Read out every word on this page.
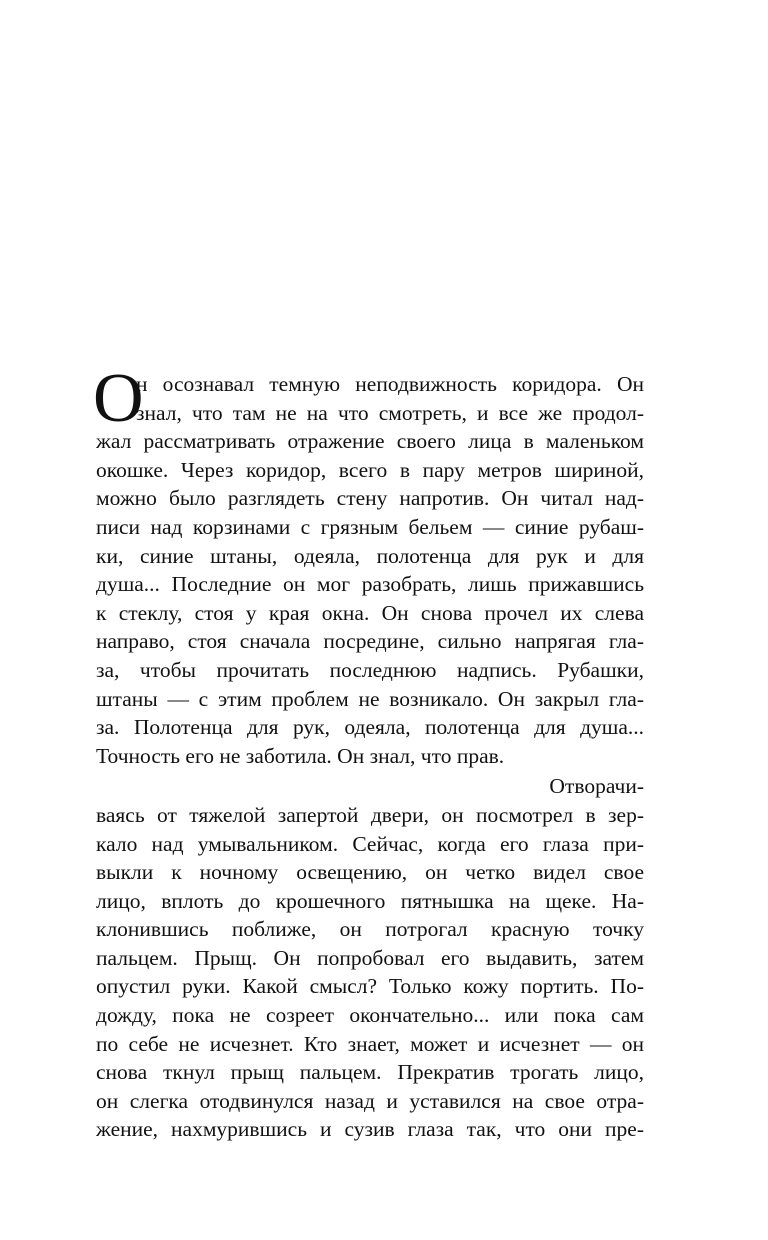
О
н осознавал темную неподвижность коридора. Он
знал, что там не на что смотреть, и все же продол-
жал рассматривать отражение своего лица в маленьком
окошке. Через коридор, всего в пару метров шириной,
можно было разглядеть стену напротив. Он читал над-
писи над корзинами с грязным бельем — синие рубаш-
ки, синие штаны, одеяла, полотенца для рук и для
душа... Последние он мог разобрать, лишь прижавшись
к стеклу, стоя у края окна. Он снова прочел их слева
направо, стоя сначала посредине, сильно напрягая гла-
за, чтобы прочитать последнюю надпись. Рубашки,
штаны — с этим проблем не возникало. Он закрыл гла-
за. Полотенца для рук, одеяла, полотенца для душа...
Точность его не заботила. Он знал, что прав.
Отворачи-
ваясь от тяжелой запертой двери, он посмотрел в зер-
кало над умывальником. Сейчас, когда его глаза при-
выкли к ночному освещению, он четко видел свое
лицо, вплоть до крошечного пятнышка на щеке. На-
клонившись поближе, он потрогал красную точку
пальцем. Прыщ. Он попробовал его выдавить, затем
опустил руки. Какой смысл? Только кожу портить. По-
дожду, пока не созреет окончательно... или пока сам
по себе не исчезнет. Кто знает, может и исчезнет — он
снова ткнул прыщ пальцем. Прекратив трогать лицо,
он слегка отодвинулся назад и уставился на свое отра-
жение, нахмурившись и сузив глаза так, что они пре-
